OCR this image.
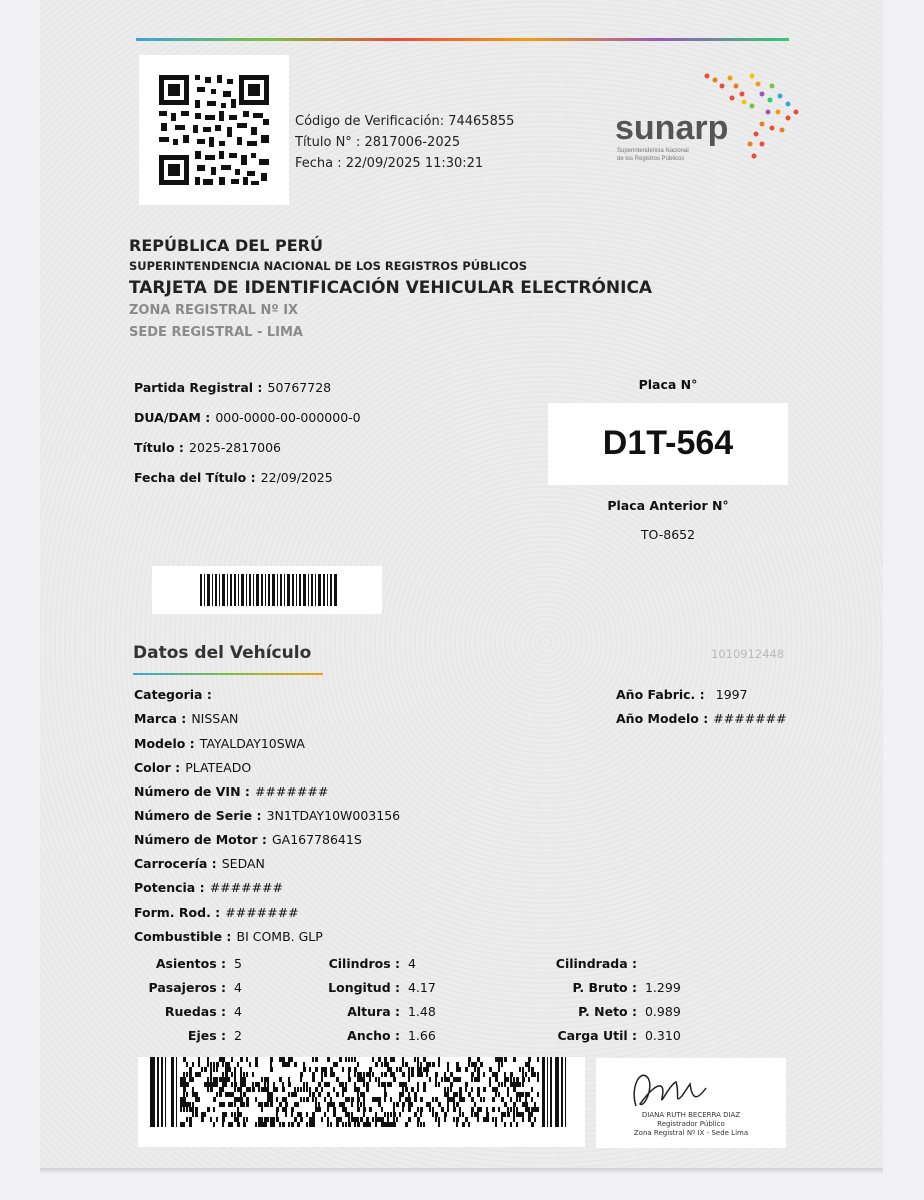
Código de Verificación: 74465855
Título N° : 2817006-2025
Fecha : 22/09/2025 11:30:21
sunarp
Superintendencia Nacional
de los Registros Públicos
REPÚBLICA DEL PERÚ
SUPERINTENDENCIA NACIONAL DE LOS REGISTROS PÚBLICOS
TARJETA DE IDENTIFICACIÓN VEHICULAR ELECTRÓNICA
ZONA REGISTRAL Nº IX
SEDE REGISTRAL - LIMA
Partida Registral : 50767728
DUA/DAM : 000-0000-00-000000-0
Título : 2025-2817006
Fecha del Título : 22/09/2025
Placa N°
D1T-564
Placa Anterior N°
TO-8652
Datos del Vehículo	1010912448
Categoria :
Marca : NISSAN
Modelo : TAYALDAY10SWA
Color : PLATEADO
Número de VIN : #######
Número de Serie : 3N1TDAY10W003156
Número de Motor : GA16778641S
Carrocería : SEDAN
Potencia : #######
Form. Rod. : #######
Combustible : BI COMB. GLP
Año Fabric. : 1997
Año Modelo : #######
Asientos : 5
Pasajeros : 4
Ruedas : 4
Ejes : 2
Cilindros : 4
Longitud : 4.17
Altura : 1.48
Ancho : 1.66
Cilindrada :
P. Bruto : 1.299
P. Neto : 0.989
Carga Util : 0.310
DIANA RUTH BECERRA DIAZ
Registrador Público
Zona Registral Nº IX - Sede Lima
